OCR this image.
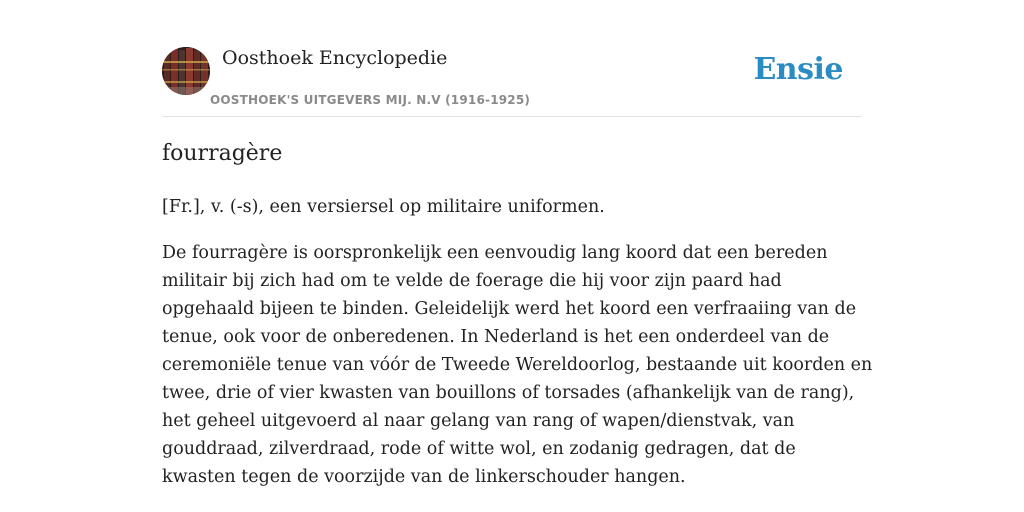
Oosthoek Encyclopedie
OOSTHOEK'S UITGEVERS MIJ. N.V (1916-1925)
Ensie
fourragère

[Fr.], v. (-s), een versiersel op militaire uniformen.

De fourragère is oorspronkelijk een eenvoudig lang koord dat een bereden militair bij zich had om te velde de foerage die hij voor zijn paard had opgehaald bijeen te binden. Geleidelijk werd het koord een verfraaiing van de tenue, ook voor de onberedenen. In Nederland is het een onderdeel van de ceremoniële tenue van vóór de Tweede Wereldoorlog, bestaande uit koorden en twee, drie of vier kwasten van bouillons of torsades (afhankelijk van de rang), het geheel uitgevoerd al naar gelang van rang of wapen/dienstvak, van gouddraad, zilverdraad, rode of witte wol, en zodanig gedragen, dat de kwasten tegen de voorzijde van de linkerschouder hangen.
